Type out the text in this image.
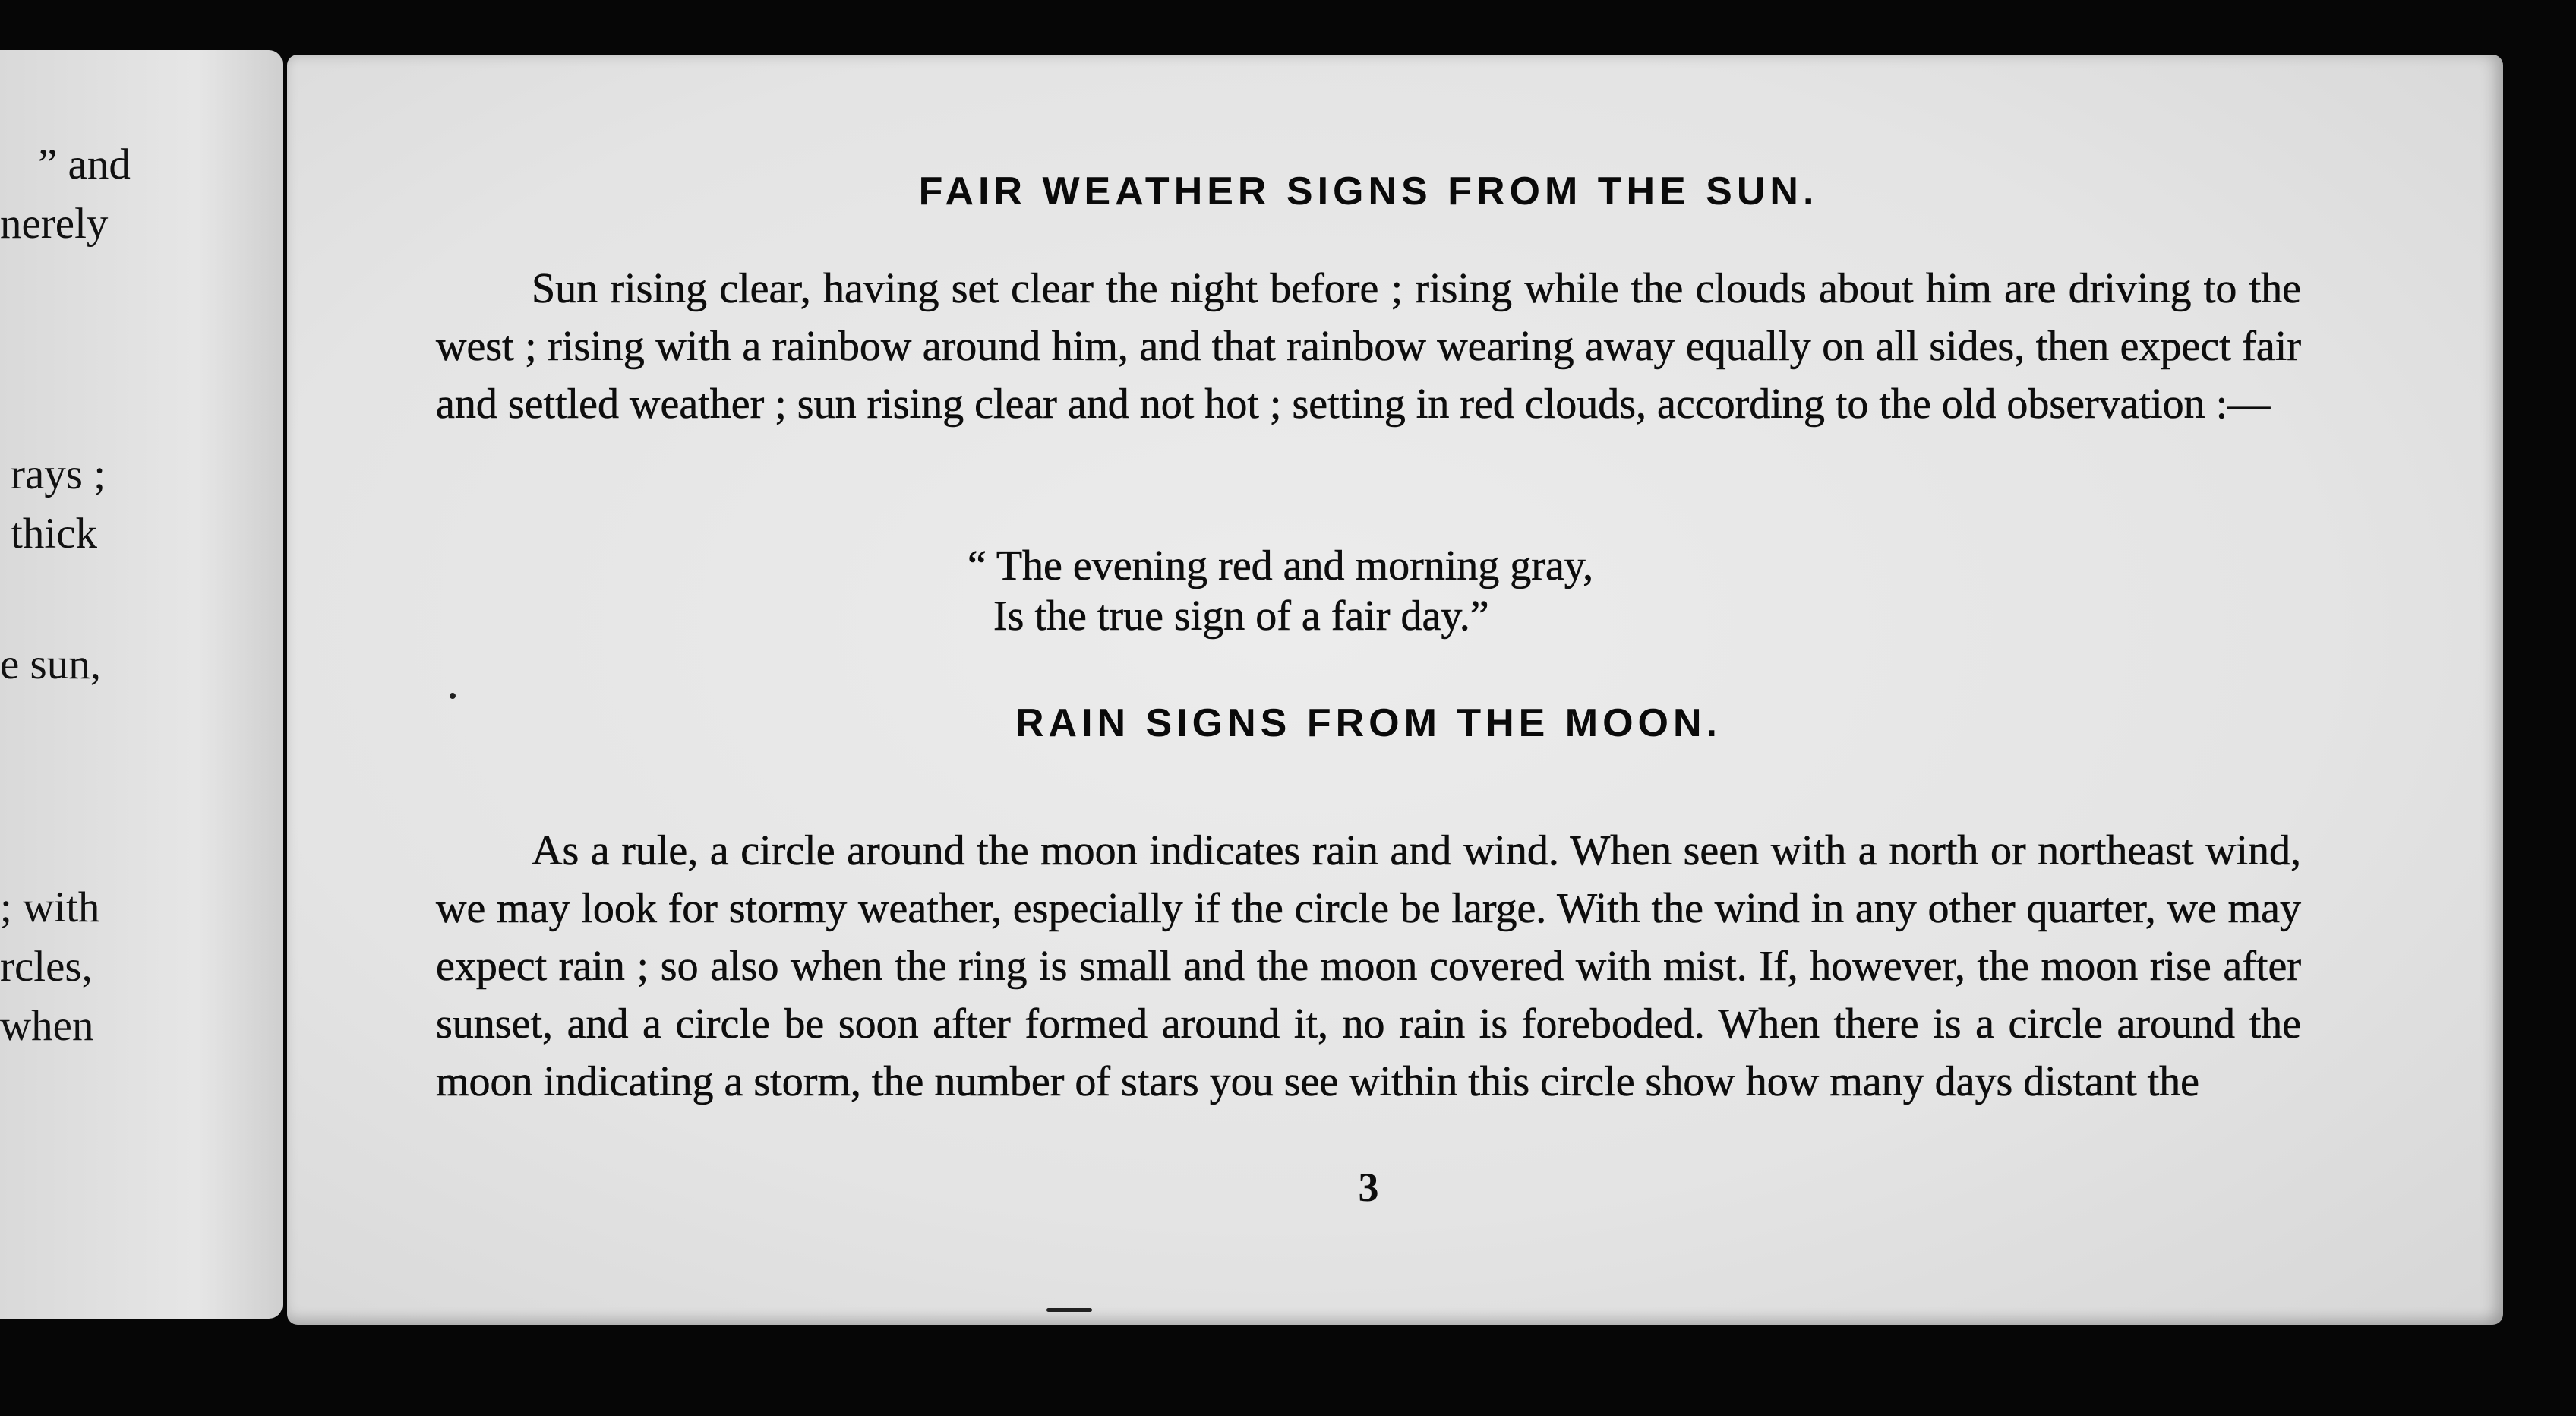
” and
nerely
rays ;
thick
e sun,
; with
rcles,
when
FAIR WEATHER SIGNS FROM THE SUN.

Sun rising clear, having set clear the night before ; rising while the clouds about him are driving to the west ; rising with a rainbow around him, and that rainbow wearing away equally on all sides, then expect fair and settled weather ; sun rising clear and not hot ; setting in red clouds, according to the old observation :—

“ The evening red and morning gray,
Is the true sign of a fair day.”
RAIN SIGNS FROM THE MOON.

As a rule, a circle around the moon indicates rain and wind. When seen with a north or northeast wind, we may look for stormy weather, especially if the circle be large. With the wind in any other quarter, we may expect rain ; so also when the ring is small and the moon covered with mist. If, however, the moon rise after sunset, and a circle be soon after formed around it, no rain is foreboded. When there is a circle around the moon indicating a storm, the number of stars you see within this circle show how many days distant the

3
